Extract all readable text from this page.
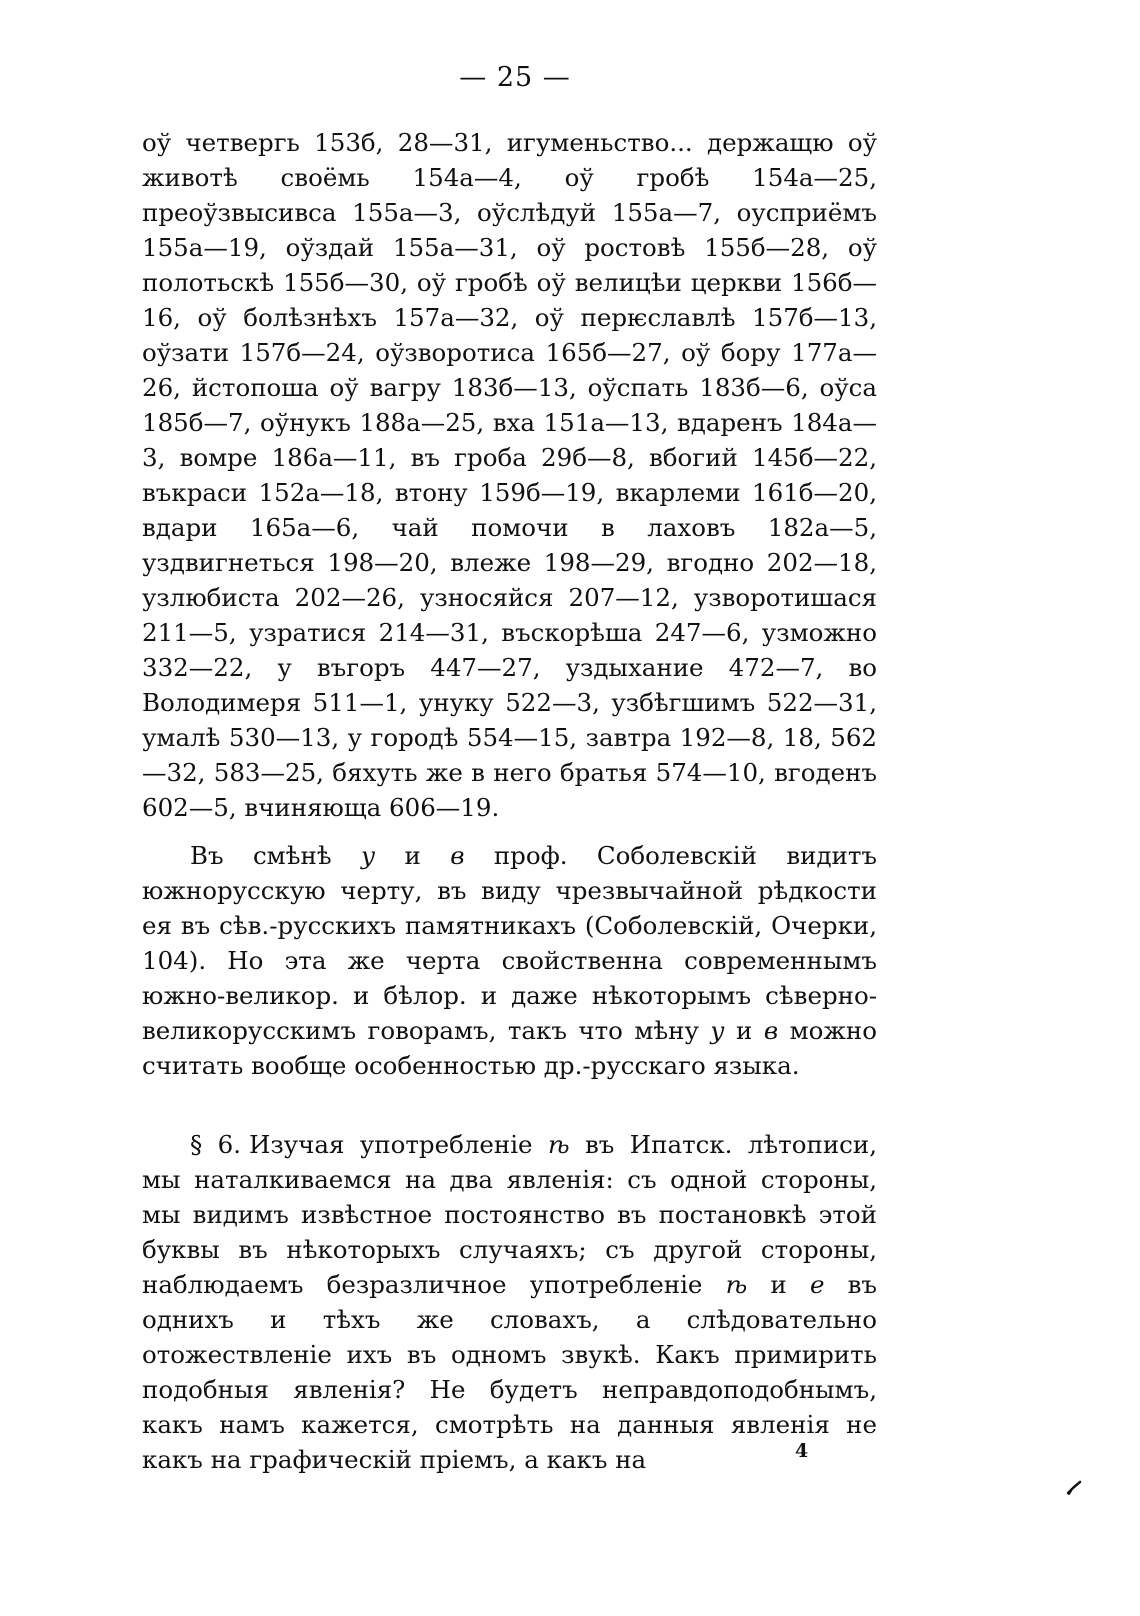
— 25 —

оў четвергь 153б, 28—31, игуменьство... держащю оў животѣ своёмь 154а—4, оў гробѣ 154а—25, преоўзвысивса 155а—3, оўслѣдуй 155а—7, оусприёмъ 155а—19, оўздай 155а—31, оў ростовѣ 155б—28, оў полотьскѣ 155б—30, оў гробѣ оў велицѣи церкви 156б—16, оў болѣзнѣхъ 157а—32, оў перѥславлѣ 157б—13, оўзати 157б—24, оўзворотиса 165б—27, оў бору 177а—26, йстопоша оў вагру 183б—13, оўспать 183б—6, оўса 185б—7, оўнукъ 188а—25, вха 151а—13, вдаренъ 184а—3, вомре 186а—11, въ гроба 29б—8, вбогий 145б—22, въкраси 152а—18, втону 159б—19, вкарлеми 161б—20, вдари 165а—6, чай помочи в лаховъ 182а—5, уздвигнеться 198—20, влеже 198—29, вгодно 202—18, узлюбиста 202—26, узносяйся 207—12, узворотишася 211—5, узратися 214—31, въскорѣша 247—6, узможно 332—22, у въгоръ 447—27, уздыхание 472—7, во Володимеря 511—1, унуку 522—3, узбѣгшимъ 522—31, умалѣ 530—13, у городѣ 554—15, завтра 192—8, 18, 562—32, 583—25, бяхуть же в него братья 574—10, вгоденъ 602—5, вчиняюща 606—19.

Въ смѣнѣ у и в проф. Соболевскій видитъ южнорусскую черту, въ виду чрезвычайной рѣдкости ея въ сѣв.-русскихъ памятникахъ (Соболевскій, Очерки, 104). Но эта же черта свойственна современнымъ южно-великор. и бѣлор. и даже нѣкоторымъ сѣверно-великорусскимъ говорамъ, такъ что мѣну у и в можно считать вообще особенностью др.-русскаго языка.

§ 6. Изучая употребленіе ѣ въ Ипатск. лѣтописи, мы наталкиваемся на два явленія: съ одной стороны, мы видимъ извѣстное постоянство въ постановкѣ этой буквы въ нѣкоторыхъ случаяхъ; съ другой стороны, наблюдаемъ безразличное употребленіе ѣ и е въ однихъ и тѣхъ же словахъ, а слѣдовательно отожествленіе ихъ въ одномъ звукѣ. Какъ примирить подобныя явленія? Не будетъ неправдоподобнымъ, какъ намъ кажется, смотрѣть на данныя явленія не какъ на графическій пріемъ, а какъ на	4
